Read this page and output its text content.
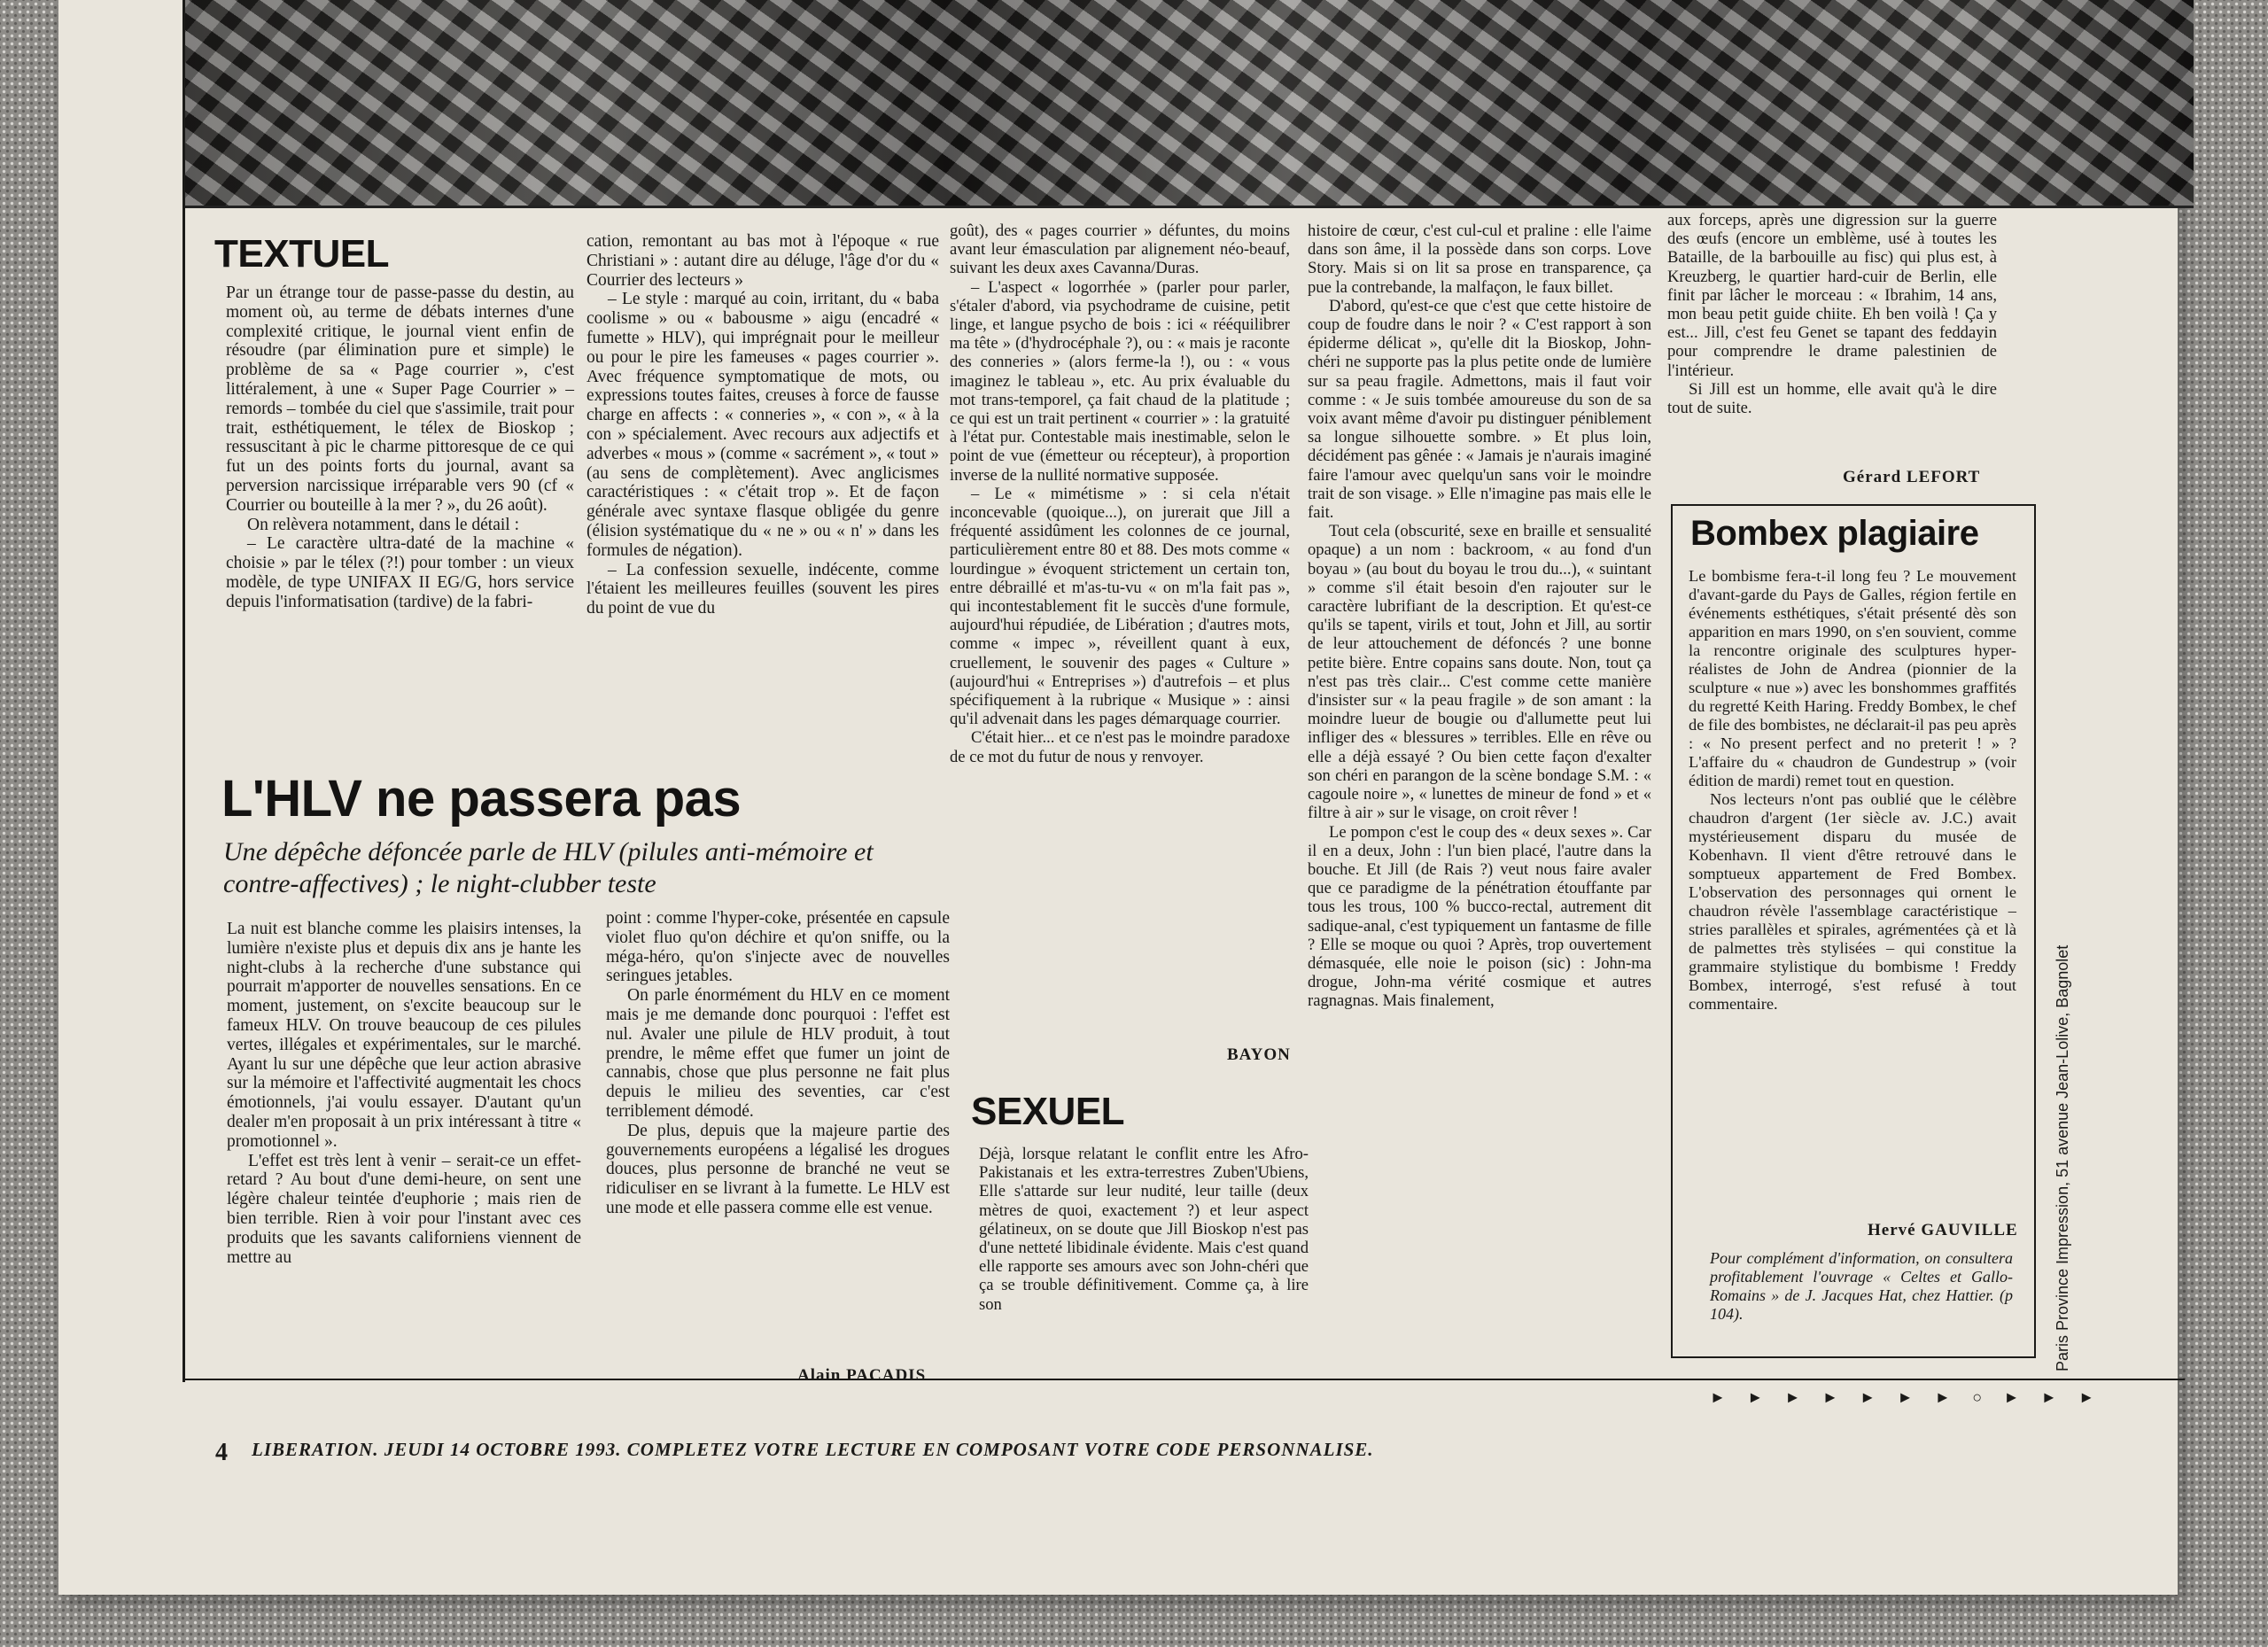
TEXTUEL

Par un étrange tour de passe-passe du destin, au moment où, au terme de débats internes d'une complexité critique, le journal vient enfin de résoudre (par élimination pure et simple) le problème de sa « Page courrier », c'est littéralement, à une « Super Page Courrier » – remords – tombée du ciel que s'assimile, trait pour trait, esthétiquement, le télex de Bioskop ; ressuscitant à pic le charme pittoresque de ce qui fut un des points forts du journal, avant sa perversion narcissique irréparable vers 90 (cf « Courrier ou bouteille à la mer ? », du 26 août).

On relèvera notamment, dans le détail :

– Le caractère ultra-daté de la machine « choisie » par le télex (?!) pour tomber : un vieux modèle, de type UNIFAX II EG/G, hors service depuis l'informatisation (tardive) de la fabri-

cation, remontant au bas mot à l'époque « rue Christiani » : autant dire au déluge, l'âge d'or du « Courrier des lecteurs »

– Le style : marqué au coin, irritant, du « baba coolisme » ou « babousme » aigu (encadré « fumette » HLV), qui imprégnait pour le meilleur ou pour le pire les fameuses « pages courrier ». Avec fréquence symptomatique de mots, ou expressions toutes faites, creuses à force de fausse charge en affects : « conneries », « con », « à la con » spécialement. Avec recours aux adjectifs et adverbes « mous » (comme « sacrément », « tout » (au sens de complètement). Avec anglicismes caractéristiques : « c'était trop ». Et de façon générale avec syntaxe flasque obligée du genre (élision systématique du « ne » ou « n' » dans les formules de négation).

– La confession sexuelle, indécente, comme l'étaient les meilleures feuilles (souvent les pires du point de vue du

goût), des « pages courrier » défuntes, du moins avant leur émasculation par alignement néo-beauf, suivant les deux axes Cavanna/Duras.

– L'aspect « logorrhée » (parler pour parler, s'étaler d'abord, via psychodrame de cuisine, petit linge, et langue psycho de bois : ici « rééquilibrer ma tête » (d'hydrocéphale ?), ou : « mais je raconte des conneries » (alors ferme-la !), ou : « vous imaginez le tableau », etc. Au prix évaluable du mot trans-temporel, ça fait chaud de la platitude ; ce qui est un trait pertinent « courrier » : la gratuité à l'état pur. Contestable mais inestimable, selon le point de vue (émetteur ou récepteur), à proportion inverse de la nullité normative supposée.

– Le « mimétisme » : si cela n'était inconcevable (quoique...), on jurerait que Jill a fréquenté assidûment les colonnes de ce journal, particulièrement entre 80 et 88. Des mots comme « lourdingue » évoquent strictement un certain ton, entre débraillé et m'as-tu-vu « on m'la fait pas », qui incontestablement fit le succès d'une formule, aujourd'hui répudiée, de Libération ; d'autres mots, comme « impec », réveillent quant à eux, cruellement, le souvenir des pages « Culture » (aujourd'hui « Entreprises ») d'autrefois – et plus spécifiquement à la rubrique « Musique » : ainsi qu'il advenait dans les pages démarquage courrier.

C'était hier... et ce n'est pas le moindre paradoxe de ce mot du futur de nous y renvoyer.

BAYON
L'HLV ne passera pas
Une dépêche défoncée parle de HLV (pilules anti-mémoire et contre-affectives) ; le night-clubber teste

La nuit est blanche comme les plaisirs intenses, la lumière n'existe plus et depuis dix ans je hante les night-clubs à la recherche d'une substance qui pourrait m'apporter de nouvelles sensations. En ce moment, justement, on s'excite beaucoup sur le fameux HLV. On trouve beaucoup de ces pilules vertes, illégales et expérimentales, sur le marché. Ayant lu sur une dépêche que leur action abrasive sur la mémoire et l'affectivité augmentait les chocs émotionnels, j'ai voulu essayer. D'autant qu'un dealer m'en proposait à un prix intéressant à titre « promotionnel ».

L'effet est très lent à venir – serait-ce un effet-retard ? Au bout d'une demi-heure, on sent une légère chaleur teintée d'euphorie ; mais rien de bien terrible. Rien à voir pour l'instant avec ces produits que les savants californiens viennent de mettre au

point : comme l'hyper-coke, présentée en capsule violet fluo qu'on déchire et qu'on sniffe, ou la méga-héro, qu'on s'injecte avec de nouvelles seringues jetables.

On parle énormément du HLV en ce moment mais je me demande donc pourquoi : l'effet est nul. Avaler une pilule de HLV produit, à tout prendre, le même effet que fumer un joint de cannabis, chose que plus personne ne fait plus depuis le milieu des seventies, car c'est terriblement démodé.

De plus, depuis que la majeure partie des gouvernements européens a légalisé les drogues douces, plus personne de branché ne veut se ridiculiser en se livrant à la fumette. Le HLV est une mode et elle passera comme elle est venue.

Alain PACADIS
SEXUEL

Déjà, lorsque relatant le conflit entre les Afro-Pakistanais et les extra-terrestres Zuben'Ubiens, Elle s'attarde sur leur nudité, leur taille (deux mètres de quoi, exactement ?) et leur aspect gélatineux, on se doute que Jill Bioskop n'est pas d'une netteté libidinale évidente. Mais c'est quand elle rapporte ses amours avec son John-chéri que ça se trouble définitivement. Comme ça, à lire son

histoire de cœur, c'est cul-cul et praline : elle l'aime dans son âme, il la possède dans son corps. Love Story. Mais si on lit sa prose en transparence, ça pue la contrebande, la malfaçon, le faux billet.

D'abord, qu'est-ce que c'est que cette histoire de coup de foudre dans le noir ? « C'est rapport à son épiderme délicat », qu'elle dit la Bioskop, John-chéri ne supporte pas la plus petite onde de lumière sur sa peau fragile. Admettons, mais il faut voir comme : « Je suis tombée amoureuse du son de sa voix avant même d'avoir pu distinguer péniblement sa longue silhouette sombre. » Et plus loin, décidément pas gênée : « Jamais je n'aurais imaginé faire l'amour avec quelqu'un sans voir le moindre trait de son visage. » Elle n'imagine pas mais elle le fait.

Tout cela (obscurité, sexe en braille et sensualité opaque) a un nom : backroom, « au fond d'un boyau » (au bout du boyau le trou du...), « suintant » comme s'il était besoin d'en rajouter sur le caractère lubrifiant de la description. Et qu'est-ce qu'ils se tapent, virils et tout, John et Jill, au sortir de leur attouchement de défoncés ? une bonne petite bière. Entre copains sans doute. Non, tout ça n'est pas très clair... C'est comme cette manière d'insister sur « la peau fragile » de son amant : la moindre lueur de bougie ou d'allumette peut lui infliger des « blessures » terribles. Elle en rêve ou elle a déjà essayé ? Ou bien cette façon d'exalter son chéri en parangon de la scène bondage S.M. : « cagoule noire », « lunettes de mineur de fond » et « filtre à air » sur le visage, on croit rêver !

Le pompon c'est le coup des « deux sexes ». Car il en a deux, John : l'un bien placé, l'autre dans la bouche. Et Jill (de Rais ?) veut nous faire avaler que ce paradigme de la pénétration étouffante par tous les trous, 100 % bucco-rectal, autrement dit sadique-anal, c'est typiquement un fantasme de fille ? Elle se moque ou quoi ? Après, trop ouvertement démasquée, elle noie le poison (sic) : John-ma drogue, John-ma vérité cosmique et autres ragnagnas. Mais finalement,

aux forceps, après une digression sur la guerre des œufs (encore un emblème, usé à toutes les Bataille, de la barbouille au fisc) qui plus est, à Kreuzberg, le quartier hard-cuir de Berlin, elle finit par lâcher le morceau : « Ibrahim, 14 ans, mon beau petit guide chiite. Eh ben voilà ! Ça y est... Jill, c'est feu Genet se tapant des feddayin pour comprendre le drame palestinien de l'intérieur.

Si Jill est un homme, elle avait qu'à le dire tout de suite.

Gérard LEFORT
Bombex plagiaire

Le bombisme fera-t-il long feu ? Le mouvement d'avant-garde du Pays de Galles, région fertile en événements esthétiques, s'était présenté dès son apparition en mars 1990, on s'en souvient, comme la rencontre originale des sculptures hyper-réalistes de John de Andrea (pionnier de la sculpture « nue ») avec les bonshommes graffités du regretté Keith Haring. Freddy Bombex, le chef de file des bombistes, ne déclarait-il pas peu après : « No present perfect and no preterit ! » ? L'affaire du « chaudron de Gundestrup » (voir édition de mardi) remet tout en question.

Nos lecteurs n'ont pas oublié que le célèbre chaudron d'argent (1er siècle av. J.C.) avait mystérieusement disparu du musée de Kobenhavn. Il vient d'être retrouvé dans le somptueux appartement de Fred Bombex. L'observation des personnages qui ornent le chaudron révèle l'assemblage caractéristique – stries parallèles et spirales, agrémentées çà et là de palmettes très stylisées – qui constitue la grammaire stylistique du bombisme ! Freddy Bombex, interrogé, s'est refusé à tout commentaire.

Hervé GAUVILLE
Pour complément d'information, on consultera profitablement l'ouvrage « Celtes et Gallo-Romains » de J. Jacques Hat, chez Hattier. (p 104).
► ► ► ► ► ► ► ○ ► ► ►
4 LIBERATION. JEUDI 14 OCTOBRE 1993. COMPLETEZ VOTRE LECTURE EN COMPOSANT VOTRE CODE PERSONNALISE.
Paris Province Impression, 51 avenue Jean-Lolive, Bagnolet
